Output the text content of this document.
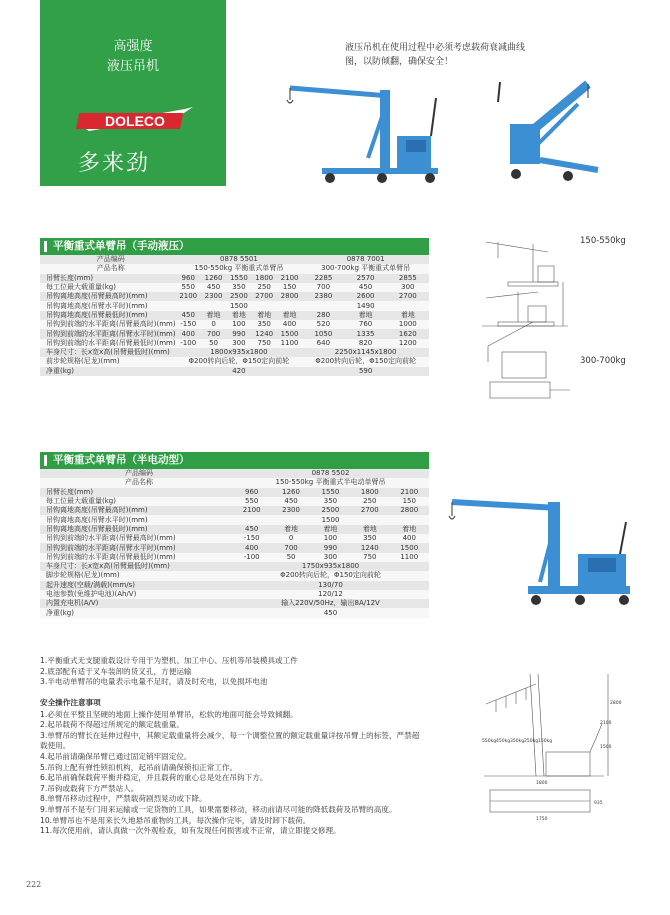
高强度
液压吊机
DOLECO
多来劲
液压吊机在使用过程中必须考虑载荷衰减曲线图，以防倾翻，确保安全！
平衡重式单臂吊（手动液压）
产品编码	0878 5501					0878 7001		
产品名称	150-550kg 平衡重式单臂吊					300-700kg 平衡重式单臂吊		
吊臂长度(mm)	960	1260	1550	1800	2100	2285	2570	2855
每工位最大载重量(kg)	550	450	350	250	150	700	450	300
吊钩离地高度(吊臂最高时)(mm)	2100	2300	2500	2700	2800	2380	2600	2700
吊钩离地高度(吊臂水平时)(mm)	1500					1490		
吊钩离地高度(吊臂最低时)(mm)	450	着地	着地	着地	着地	280	着地	着地
吊钩到前端的水平距离(吊臂最高时)(mm)	-150	0	100	350	400	520	760	1000
吊钩到前端的水平距离(吊臂水平时)(mm)	400	700	990	1240	1500	1050	1335	1620
吊钩到前端的水平距离(吊臂最低时)(mm)	-100	50	300	750	1100	640	820	1200
车身尺寸：长x宽x高(吊臂最低时)(mm)	1800x935x1800					2250x1145x1800		
前步轮规格(尼龙)(mm)	Φ200转向后轮，Φ150定向前轮					Φ200转向后轮，Φ150定向前轮		
净重(kg)	420					590		
150-550kg
300-700kg
平衡重式单臂吊（半电动型）
产品编码	0878 5502				
产品名称	150-550kg 平衡重式半电动单臂吊				
吊臂长度(mm)	960	1260	1550	1800	2100
每工位最大载重量(kg)	550	450	350	250	150
吊钩离地高度(吊臂最高时)(mm)	2100	2300	2500	2700	2800
吊钩离地高度(吊臂水平时)(mm)	1500				
吊钩离地高度(吊臂最低时)(mm)	450	着地	着地	着地	着地
吊钩到前端的水平距离(吊臂最高时)(mm)	-150	0	100	350	400
吊钩到前端的水平距离(吊臂水平时)(mm)	400	700	990	1240	1500
吊钩到前端的水平距离(吊臂最低时)(mm)	-100	50	300	750	1100
车身尺寸：长x宽x高(吊臂最低时)(mm)	1750x935x1800				
脚步轮规格(尼龙)(mm)	Φ200转向后轮，Φ150定向前轮				
起升速度(空载/满载)(mm/s)	130/70				
电池参数(免维护电池)(Ah/V)	120/12				
内置充电机(A/V)	输入220V/50Hz，输出8A/12V				
净重(kg)	450				
1.平衡重式无支腿重载设计专用于为塑机、加工中心、压机等吊装模具或工件
2.底部配有适于叉车装卸的货叉孔，方便运输
3.半电动单臂吊的电量表示电量不足时，请及时充电，以免损坏电池
安全操作注意事项
1.必须在平整且坚硬的地面上操作使用单臂吊，松软的地面可能会导致倾翻。
2.起吊载荷不得超过所规定的额定载重量。
3.单臂吊的臂长在延伸过程中，其额定载重量将会减少，每一个调整位置的额定载重量详按吊臂上的标签，严禁超载使用。
4.起吊前请确保吊臂已通过固定销牢固定位。
5.吊钩上配有弹性锁扣机构，起吊前请确保锁扣正常工作。
6.起吊前确保载荷平衡并稳定，并且载荷的重心总是处在吊钩下方。
7.吊钩或载荷下方严禁站人。
8.单臂吊移动过程中，严禁载荷剧烈晃动或下降。
9.单臂吊不是专门用来运输或一定货物的工具，如果需要移动，移动前请尽可能的降低载荷及吊臂的高度。
10.单臂吊也不是用来长久地悬吊重物的工具，每次操作完毕，请及时卸下载荷。
11.每次使用前，请认真做一次外观检查，如有发现任何损害或不正常，请立即提交修理。
550kg 450kg 350kg 250kg 150kg
2800
2100
1500
1800
1750
935
222
